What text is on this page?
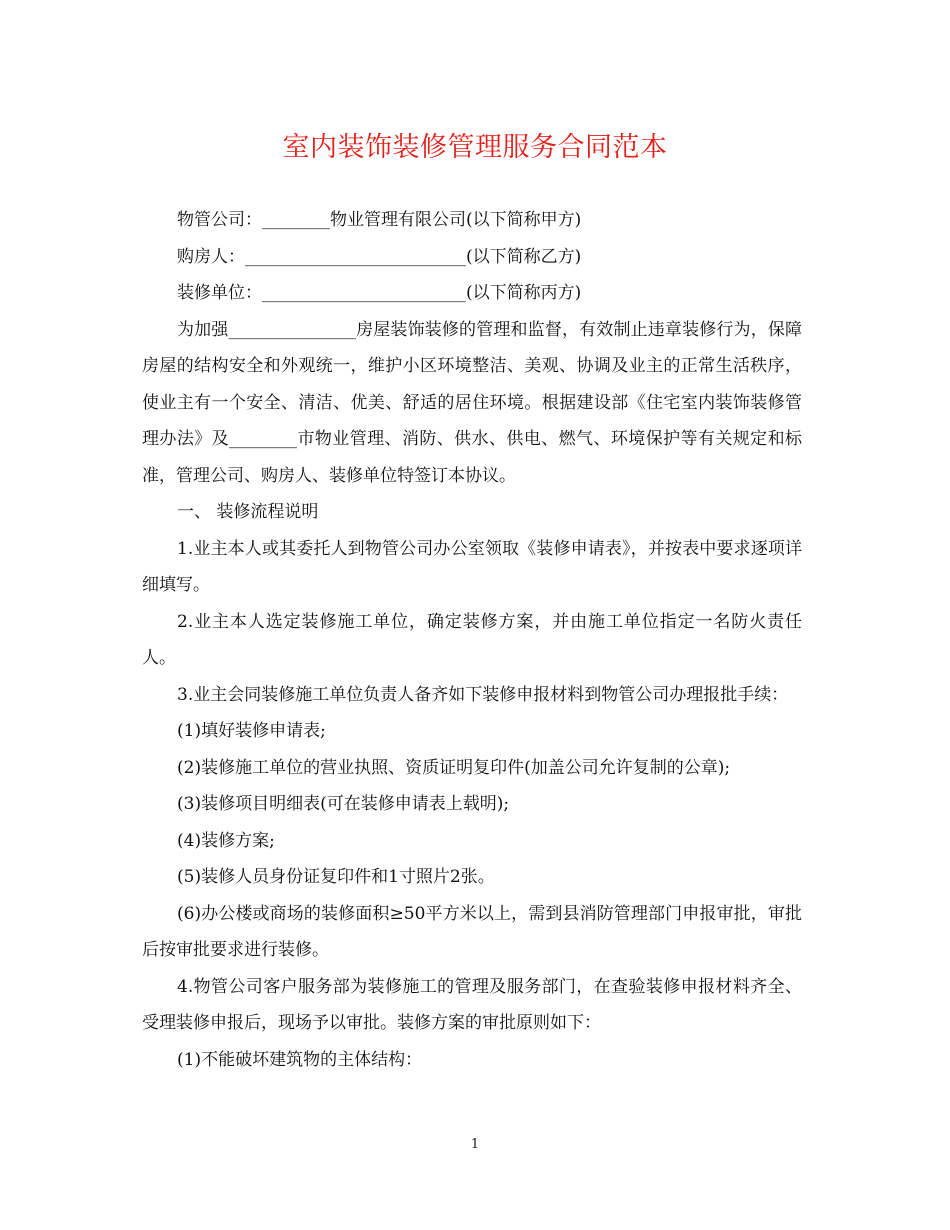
室内装饰装修管理服务合同范本

物管公司：________物业管理有限公司(以下简称甲方)

购房人：__________________________(以下简称乙方)

装修单位：________________________(以下简称丙方)

为加强_______________房屋装饰装修的管理和监督，有效制止违章装修行为，保障房屋的结构安全和外观统一，维护小区环境整洁、美观、协调及业主的正常生活秩序，使业主有一个安全、清洁、优美、舒适的居住环境。根据建设部《住宅室内装饰装修管理办法》及________市物业管理、消防、供水、供电、燃气、环境保护等有关规定和标准，管理公司、购房人、装修单位特签订本协议。

一、 装修流程说明

1.业主本人或其委托人到物管公司办公室领取《装修申请表》，并按表中要求逐项详细填写。

2.业主本人选定装修施工单位，确定装修方案，并由施工单位指定一名防火责任人。

3.业主会同装修施工单位负责人备齐如下装修申报材料到物管公司办理报批手续：

(1)填好装修申请表;

(2)装修施工单位的营业执照、资质证明复印件(加盖公司允许复制的公章);

(3)装修项目明细表(可在装修申请表上载明);

(4)装修方案;

(5)装修人员身份证复印件和1寸照片2张。

(6)办公楼或商场的装修面积≥50平方米以上，需到县消防管理部门申报审批，审批后按审批要求进行装修。

4.物管公司客户服务部为装修施工的管理及服务部门，在查验装修申报材料齐全、受理装修申报后，现场予以审批。装修方案的审批原则如下：

(1)不能破坏建筑物的主体结构：

1
